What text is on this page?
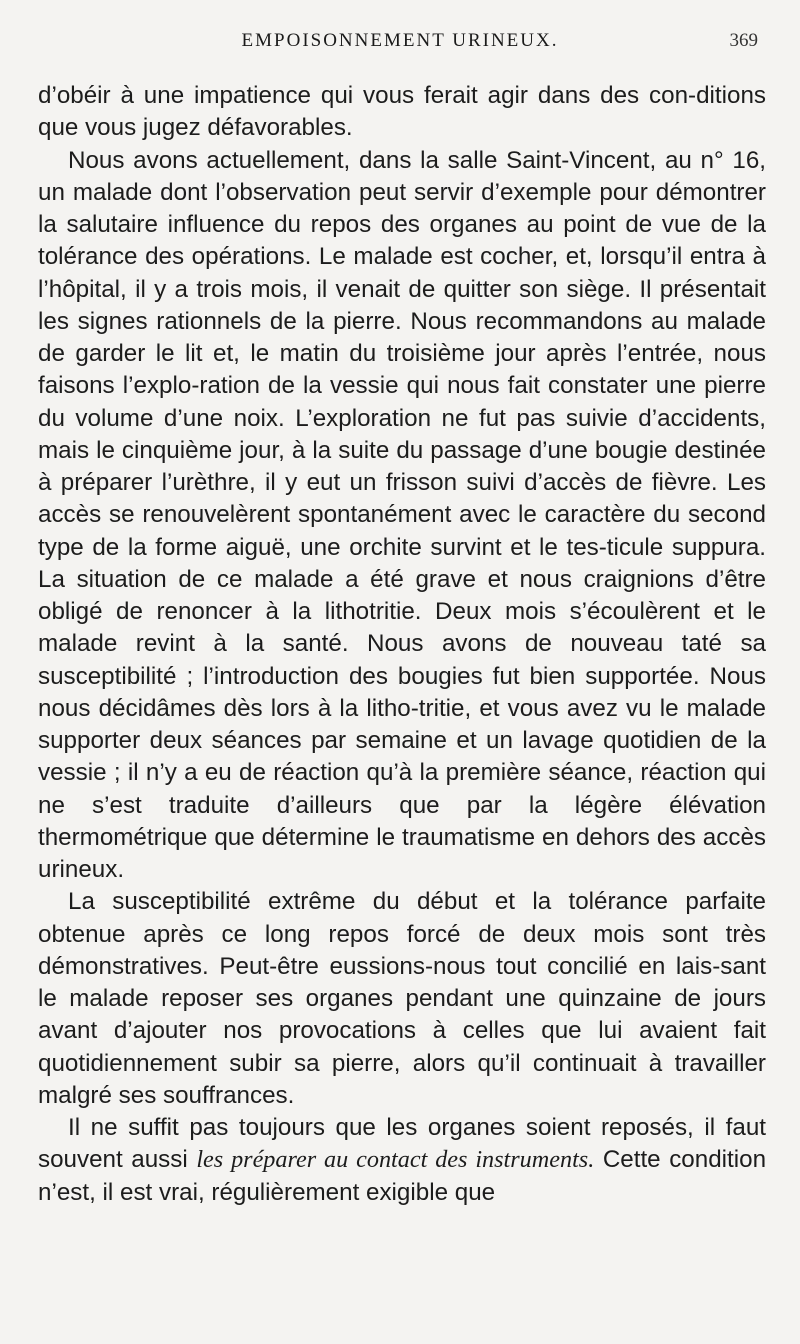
EMPOISONNEMENT URINEUX.	369

d’obéir à une impatience qui vous ferait agir dans des con-ditions que vous jugez défavorables.

Nous avons actuellement, dans la salle Saint-Vincent, au n° 16, un malade dont l’observation peut servir d’exemple pour démontrer la salutaire influence du repos des organes au point de vue de la tolérance des opérations. Le malade est cocher, et, lorsqu’il entra à l’hôpital, il y a trois mois, il venait de quitter son siège. Il présentait les signes rationnels de la pierre. Nous recommandons au malade de garder le lit et, le matin du troisième jour après l’entrée, nous faisons l’explo-ration de la vessie qui nous fait constater une pierre du volume d’une noix. L’exploration ne fut pas suivie d’accidents, mais le cinquième jour, à la suite du passage d’une bougie destinée à préparer l’urèthre, il y eut un frisson suivi d’accès de fièvre. Les accès se renouvelèrent spontanément avec le caractère du second type de la forme aiguë, une orchite survint et le tes-ticule suppura. La situation de ce malade a été grave et nous craignions d’être obligé de renoncer à la lithotritie. Deux mois s’écoulèrent et le malade revint à la santé. Nous avons de nouveau taté sa susceptibilité ; l’introduction des bougies fut bien supportée. Nous nous décidâmes dès lors à la litho-tritie, et vous avez vu le malade supporter deux séances par semaine et un lavage quotidien de la vessie ; il n’y a eu de réaction qu’à la première séance, réaction qui ne s’est traduite d’ailleurs que par la légère élévation thermométrique que détermine le traumatisme en dehors des accès urineux.

La susceptibilité extrême du début et la tolérance parfaite obtenue après ce long repos forcé de deux mois sont très démonstratives. Peut-être eussions-nous tout concilié en lais-sant le malade reposer ses organes pendant une quinzaine de jours avant d’ajouter nos provocations à celles que lui avaient fait quotidiennement subir sa pierre, alors qu’il continuait à travailler malgré ses souffrances.

Il ne suffit pas toujours que les organes soient reposés, il faut souvent aussi les préparer au contact des instruments. Cette condition n’est, il est vrai, régulièrement exigible que
